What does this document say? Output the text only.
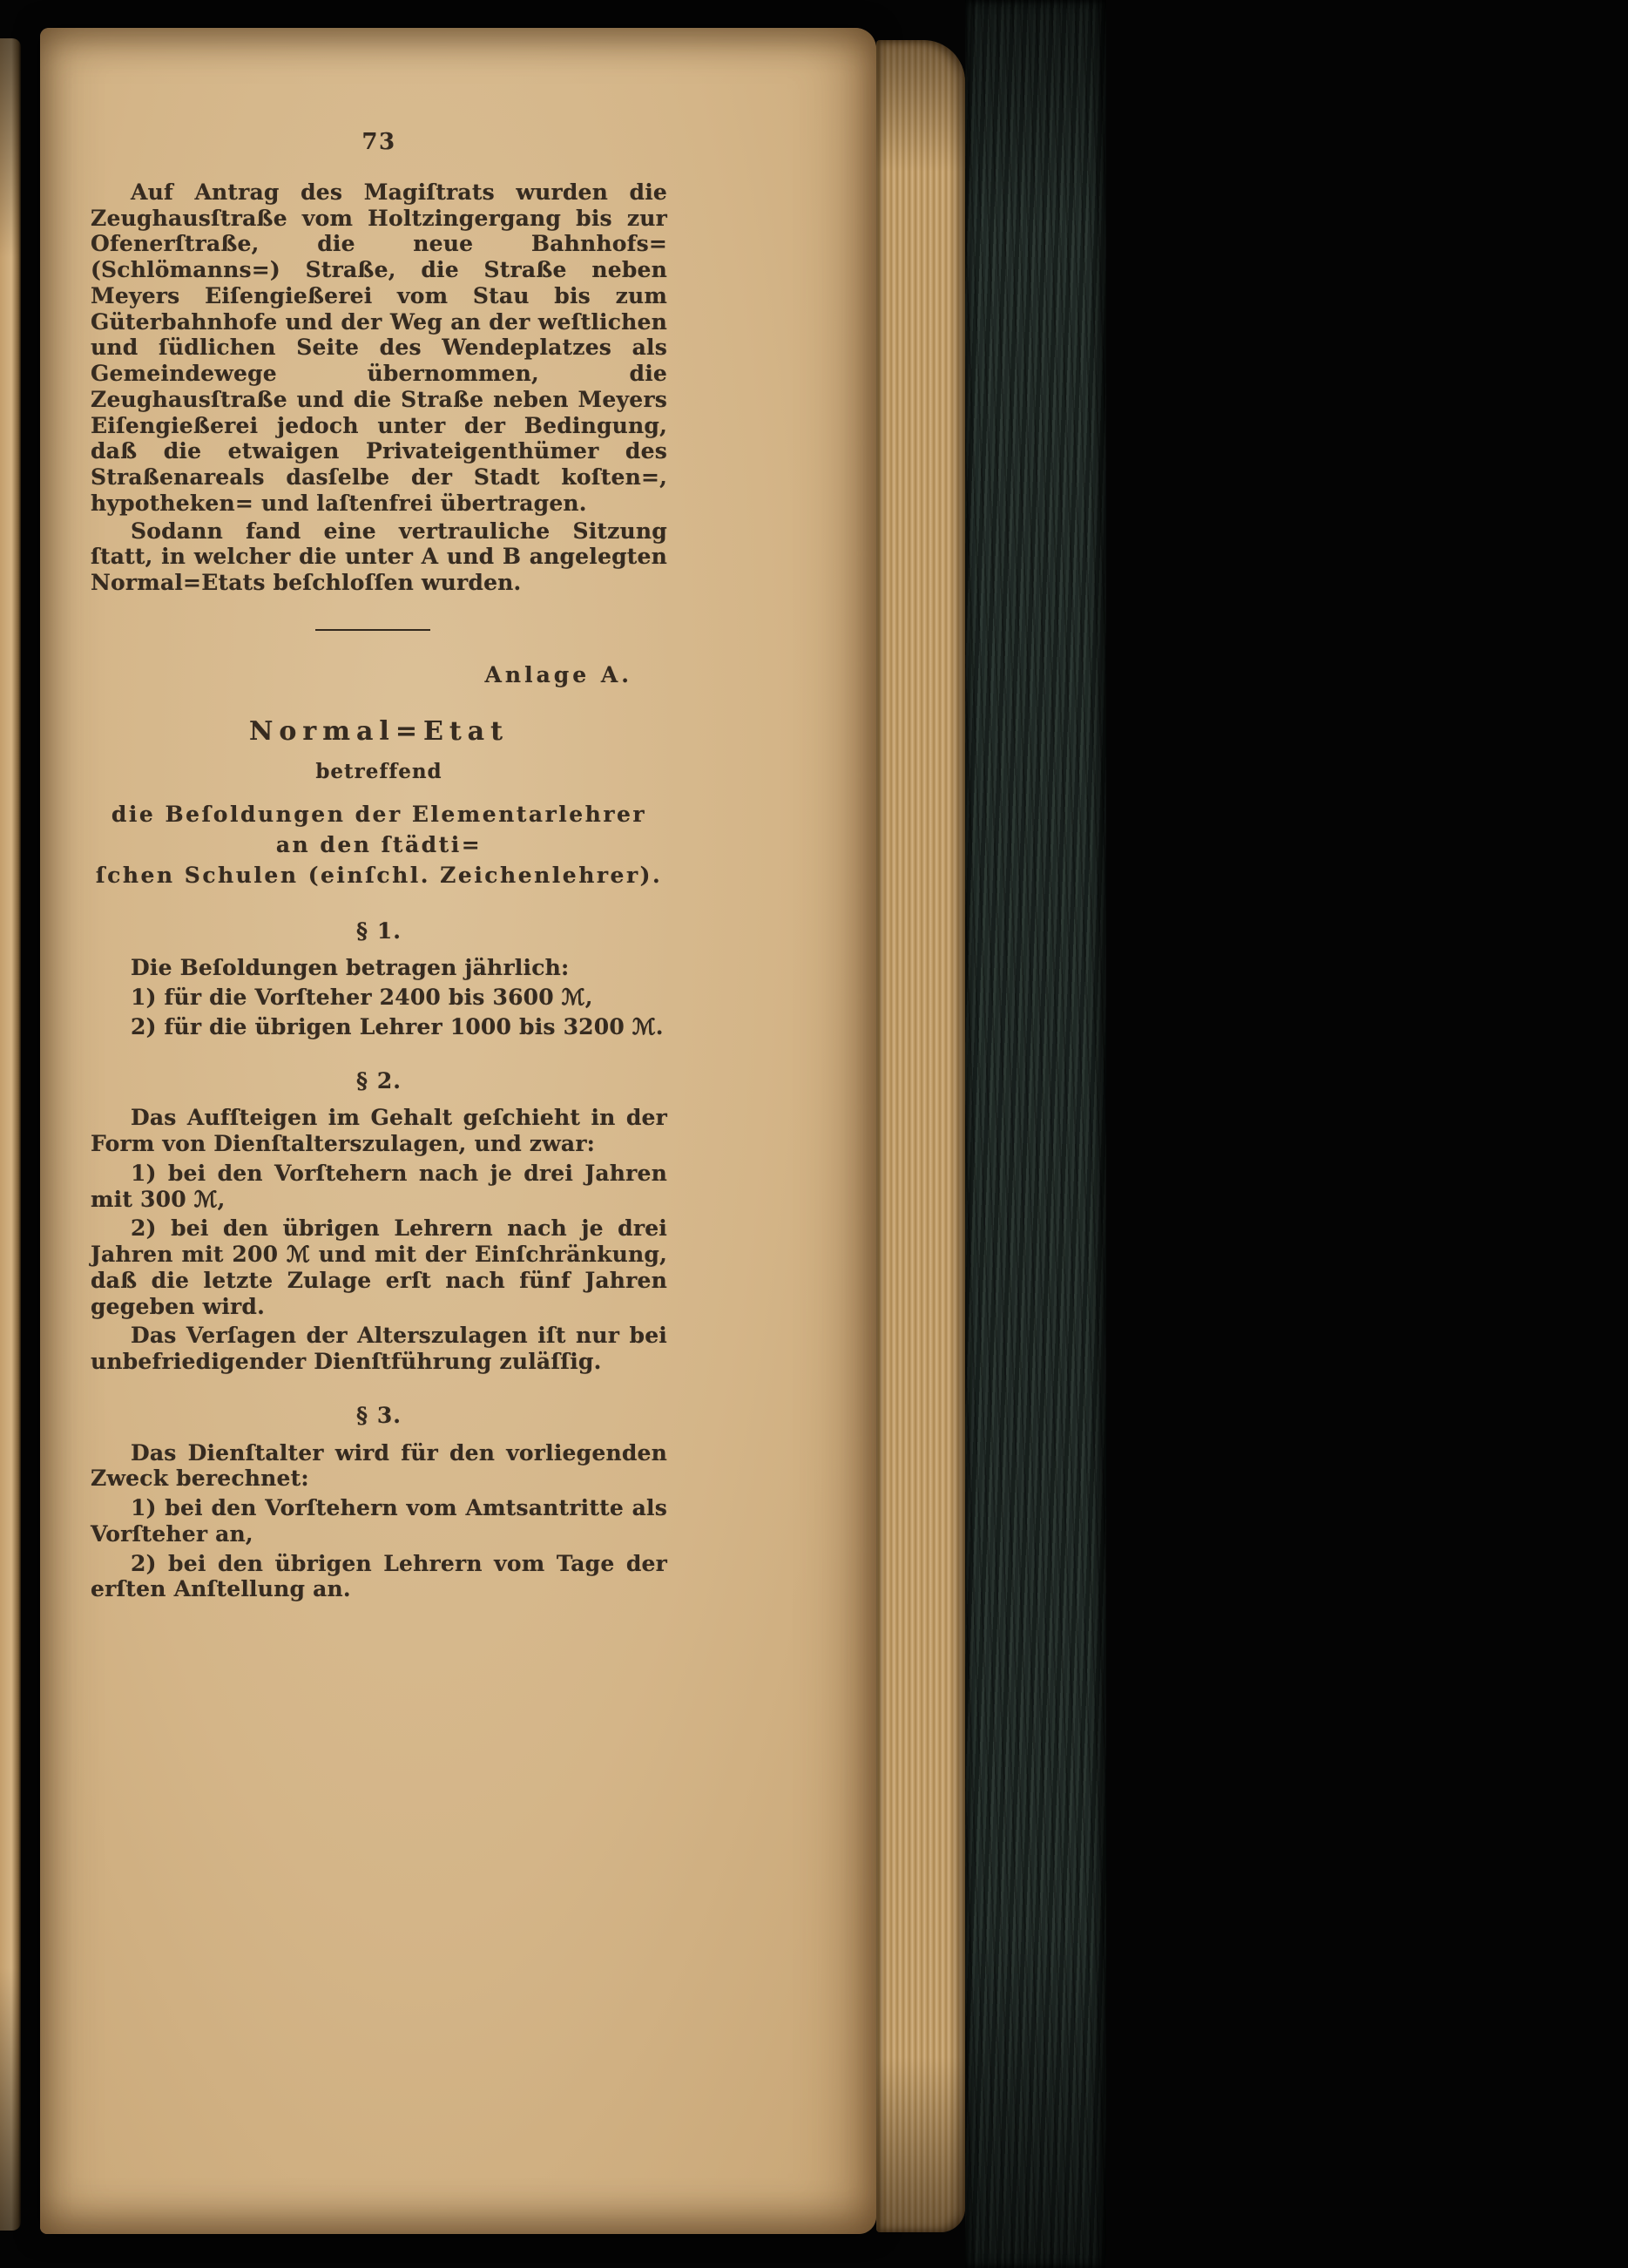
73

Auf Antrag des Magiſtrats wurden die Zeughausſtraße vom Holtzingergang bis zur Ofenerſtraße, die neue Bahnhofs= (Schlömanns=) Straße, die Straße neben Meyers Eiſengießerei vom Stau bis zum Güterbahnhofe und der Weg an der weſtlichen und ſüdlichen Seite des Wendeplatzes als Gemeindewege übernommen, die Zeughausſtraße und die Straße neben Meyers Eiſengießerei jedoch unter der Bedingung, daß die etwaigen Privateigenthümer des Straßenareals dasſelbe der Stadt koſten=, hypotheken= und laſtenfrei übertragen.

Sodann fand eine vertrauliche Sitzung ſtatt, in welcher die unter A und B angelegten Normal=Etats beſchloſſen wurden.

Anlage A.
Normal=Etat
betreffend

die Beſoldungen der Elementarlehrer an den ſtädti=

ſchen Schulen (einſchl. Zeichenlehrer).

§ 1.

Die Beſoldungen betragen jährlich:

1) für die Vorſteher 2400 bis 3600 ℳ,

2) für die übrigen Lehrer 1000 bis 3200 ℳ.

§ 2.

Das Aufſteigen im Gehalt geſchieht in der Form von Dienſtalterszulagen, und zwar:

1) bei den Vorſtehern nach je drei Jahren mit 300 ℳ,

2) bei den übrigen Lehrern nach je drei Jahren mit 200 ℳ und mit der Einſchränkung, daß die letzte Zulage erſt nach fünf Jahren gegeben wird.

Das Verſagen der Alterszulagen iſt nur bei unbefriedigender Dienſtführung zuläſſig.

§ 3.

Das Dienſtalter wird für den vorliegenden Zweck berechnet:

1) bei den Vorſtehern vom Amtsantritte als Vorſteher an,

2) bei den übrigen Lehrern vom Tage der erſten Anſtellung an.
